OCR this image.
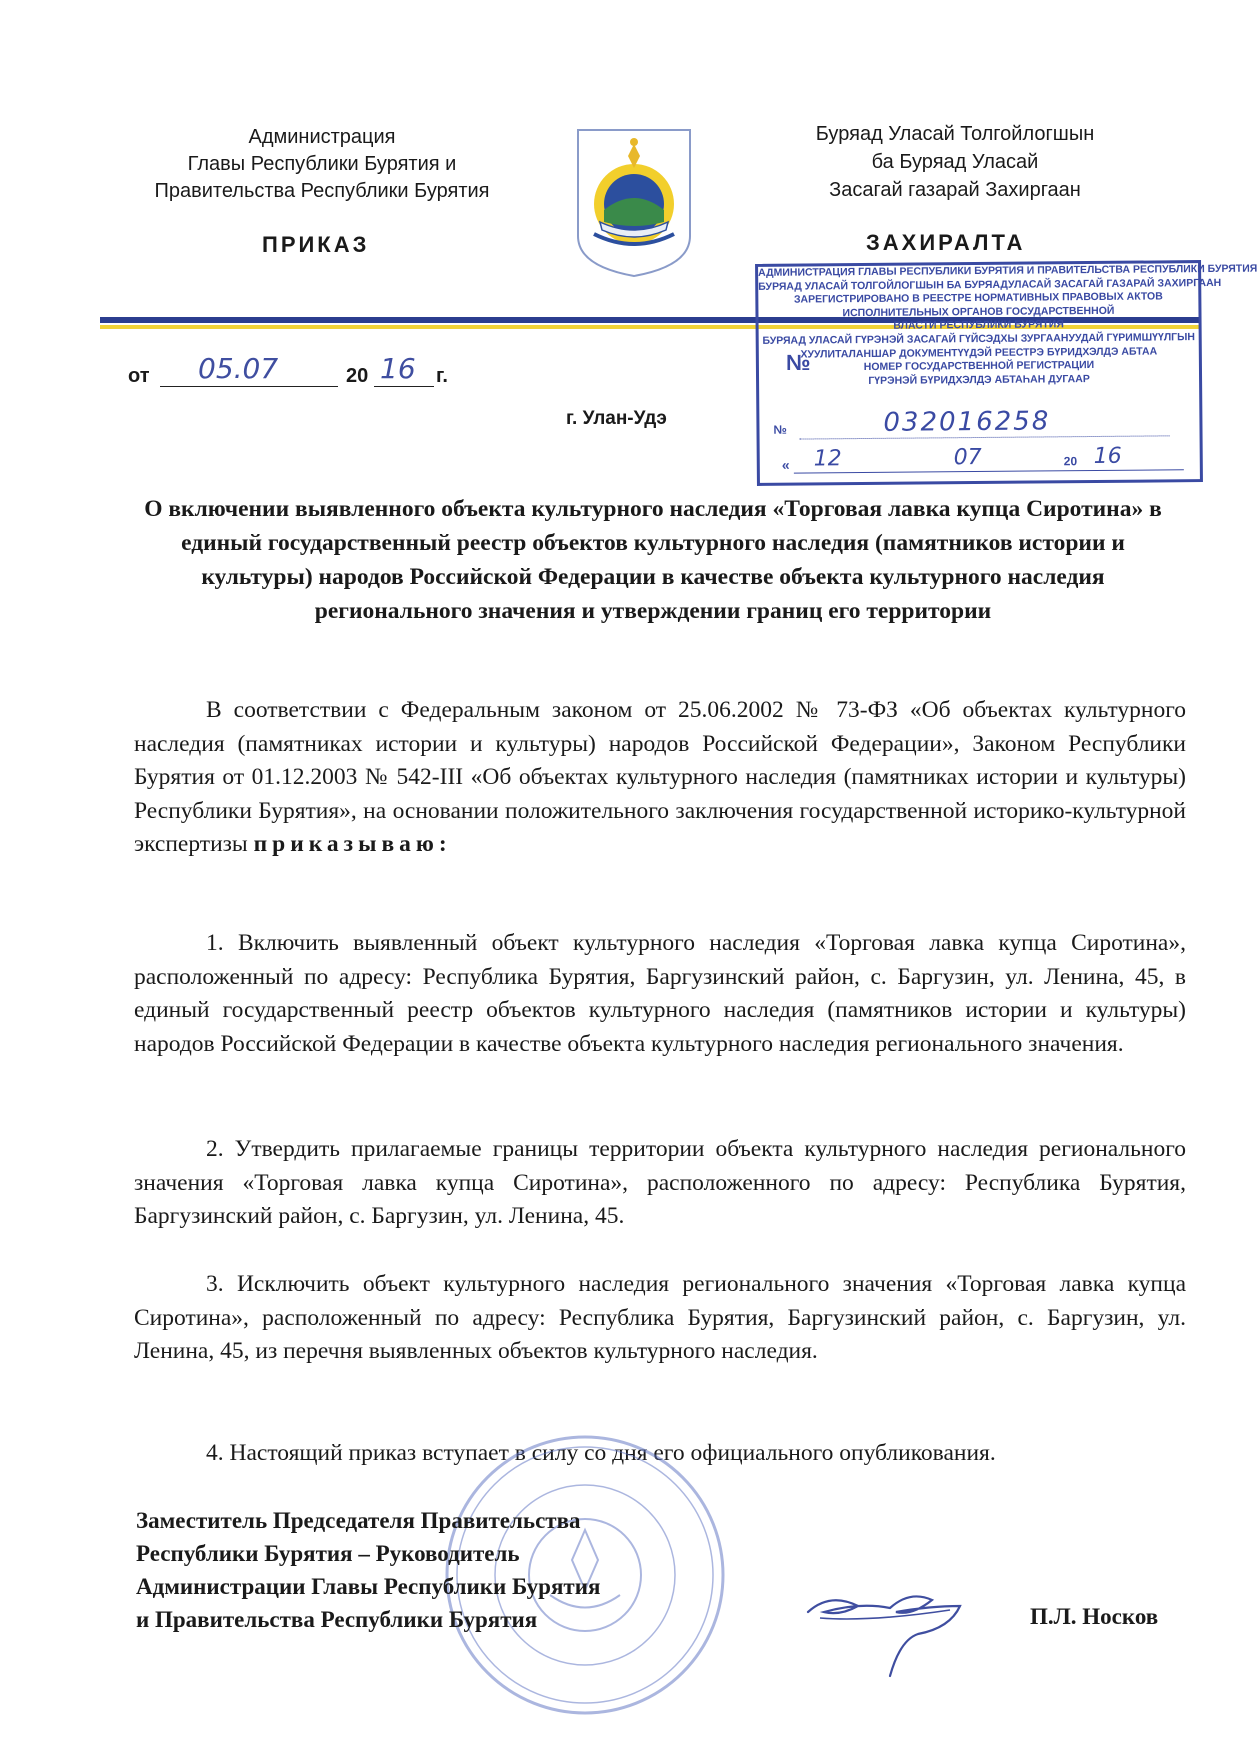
Администрация
Главы Республики Бурятия и
Правительства Республики Бурятия
ПРИКАЗ
Буряад Уласай Толгойлогшын
ба Буряад Уласай
Засагай газарай Захиргаан
ЗАХИРАЛТА
АДМИНИСТРАЦИЯ ГЛАВЫ РЕСПУБЛИКИ БУРЯТИЯ И ПРАВИТЕЛЬСТВА РЕСПУБЛИКИ БУРЯТИЯ
БУРЯАД УЛАСАЙ ТОЛГОЙЛОГШЫН БА БУРЯАДУЛАСАЙ ЗАСАГАЙ ГАЗАРАЙ ЗАХИРГААН
ЗАРЕГИСТРИРОВАНО В РЕЕСТРЕ НОРМАТИВНЫХ ПРАВОВЫХ АКТОВ
ИСПОЛНИТЕЛЬНЫХ ОРГАНОВ ГОСУДАРСТВЕННОЙ
ВЛАСТИ РЕСПУБЛИКИ БУРЯТИЯ
БУРЯАД УЛАСАЙ ГҮРЭНЭЙ ЗАСАГАЙ ГҮЙСЭДХЫ ЗУРГААНУУДАЙ ГҮРИМШҮҮЛГЫН
ХУУЛИТАЛАНШАР ДОКУМЕНТҮҮДЭЙ РЕЕСТРЭ БҮРИДХЭЛДЭ АБТАА
НОМЕР ГОСУДАРСТВЕННОЙ РЕГИСТРАЦИИ
ГҮРЭНЭЙ БҮРИДХЭЛДЭ АБТАҺАН ДУГААР
№	032016258
« 12	07	20 16
№
от 05.07	20 16 г.
г. Улан-Удэ
О включении выявленного объекта культурного наследия «Торговая лавка купца Сиротина» в единый государственный реестр объектов культурного наследия (памятников истории и культуры) народов Российской Федерации в качестве объекта культурного наследия регионального значения и утверждении границ его территории
В соответствии с Федеральным законом от 25.06.2002 № 73-ФЗ «Об объектах культурного наследия (памятниках истории и культуры) народов Российской Федерации», Законом Республики Бурятия от 01.12.2003 № 542-III «Об объектах культурного наследия (памятниках истории и культуры) Республики Бурятия», на основании положительного заключения государственной историко-культурной экспертизы приказываю:
1. Включить выявленный объект культурного наследия «Торговая лавка купца Сиротина», расположенный по адресу: Республика Бурятия, Баргузинский район, с. Баргузин, ул. Ленина, 45, в единый государственный реестр объектов культурного наследия (памятников истории и культуры) народов Российской Федерации в качестве объекта культурного наследия регионального значения.
2. Утвердить прилагаемые границы территории объекта культурного наследия регионального значения «Торговая лавка купца Сиротина», расположенного по адресу: Республика Бурятия, Баргузинский район, с. Баргузин, ул. Ленина, 45.
3. Исключить объект культурного наследия регионального значения «Торговая лавка купца Сиротина», расположенный по адресу: Республика Бурятия, Баргузинский район, с. Баргузин, ул. Ленина, 45, из перечня выявленных объектов культурного наследия.
4. Настоящий приказ вступает в силу со дня его официального опубликования.
Заместитель Председателя Правительства
Республики Бурятия – Руководитель
Администрации Главы Республики Бурятия
и Правительства Республики Бурятия	П.Л. Носков
